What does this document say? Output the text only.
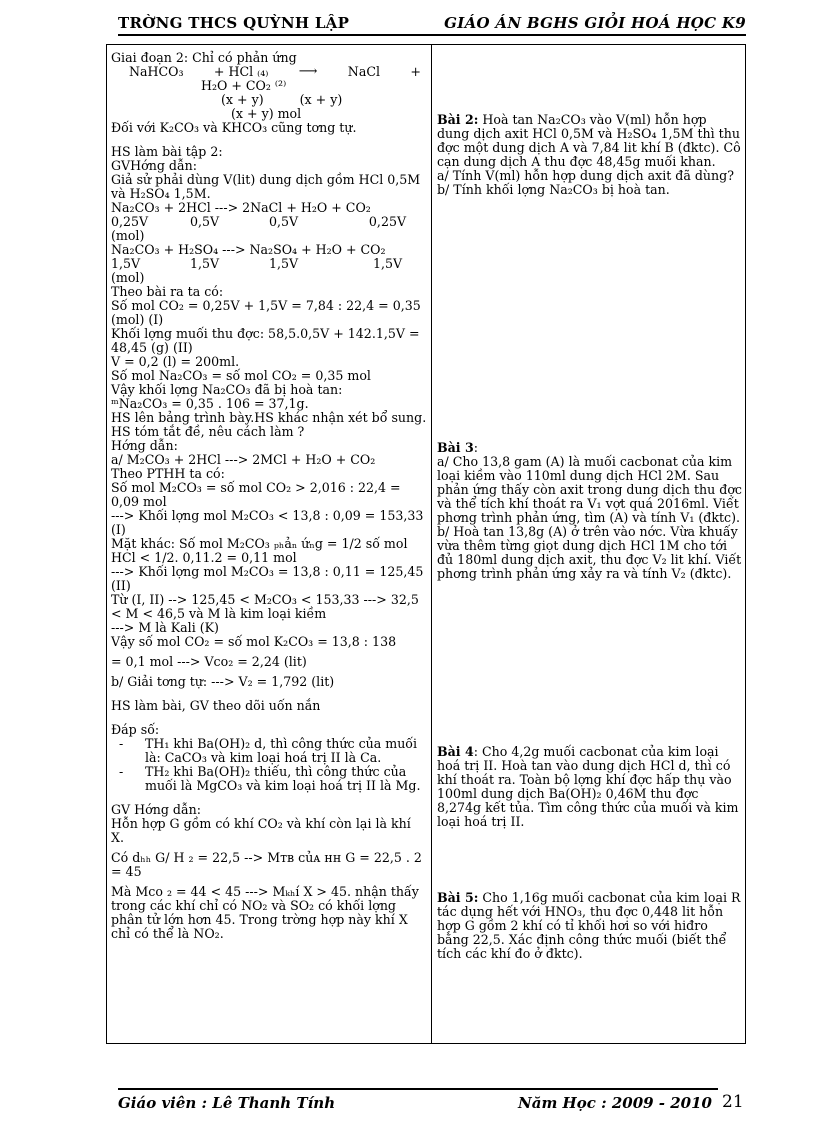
TRỜNG THCS QUỲNH LẬP	GIÁO ÁN BGHS GIỎI HOÁ HỌC K9
Giai đoạn 2: Chỉ có phản ứng
NaHCO₃ + HCl ₍₄₎ ⟶ NaCl +
H₂O + CO₂ ⁽²⁾
(x + y)         (x + y)
(x + y) mol
Đối với K₂CO₃ và KHCO₃ cũng tơng tự.
HS làm bài tập 2:
GVHớng dẫn:
Giả sử phải dùng V(lit) dung dịch gồm HCl 0,5M và H₂SO₄ 1,5M.
Na₂CO₃ + 2HCl ---> 2NaCl + H₂O + CO₂
0,25V	0,5V	0,5V	0,25V
(mol)
Na₂CO₃ + H₂SO₄ ---> Na₂SO₄ + H₂O + CO₂
1,5V	1,5V	1,5V	1,5V
(mol)
Theo bài ra ta có:
Số mol CO₂ = 0,25V + 1,5V = 7,84 : 22,4 = 0,35 (mol) (I)
Khối lợng muối thu đợc: 58,5.0,5V + 142.1,5V = 48,45 (g) (II)
V = 0,2 (l) = 200ml.
Số mol Na₂CO₃ = số mol CO₂ = 0,35 mol
Vậy khối lợng Na₂CO₃ đã bị hoà tan:
ᵐNa₂CO₃ = 0,35 . 106 = 37,1g.
HS lên bảng trình bày.HS khác nhận xét bổ sung.
HS tóm tắt đề, nêu cách làm ?
Hớng dẫn:
a/ M₂CO₃ + 2HCl ---> 2MCl + H₂O + CO₂
Theo PTHH ta có:
Số mol M₂CO₃ = số mol CO₂ > 2,016 : 22,4 = 0,09 mol
---> Khối lợng mol M₂CO₃ < 13,8 : 0,09 = 153,33 (I)
Mặt khác: Số mol M₂CO₃ ₚₕảₙ ứₙg = 1/2 số mol HCl < 1/2. 0,11.2 = 0,11 mol
---> Khối lợng mol M₂CO₃ = 13,8 : 0,11 = 125,45 (II)
Từ (I, II) --> 125,45 < M₂CO₃ < 153,33 ---> 32,5 < M < 46,5 và M là kim loại kiềm
---> M là Kali (K)
Vậy số mol CO₂ = số mol K₂CO₃ = 13,8 : 138
= 0,1 mol ---> Vco₂ = 2,24 (lit)
b/ Giải tơng tự: ---> V₂ = 1,792 (lit)
HS làm bài, GV theo dõi uốn nắn
Đáp số:
-	TH₁ khi Ba(OH)₂ d, thì công thức của muối là: CaCO₃ và kim loại hoá trị II là Ca.
-	TH₂ khi Ba(OH)₂ thiếu, thì công thức của muối là MgCO₃ và kim loại hoá trị II là Mg.
GV Hớng dẫn:
Hỗn hợp G gồm có khí CO₂ và khí còn lại là khí X.
Có dₕₕ G/ H ₂ = 22,5 --> Mᴛʙ ᴄủᴀ ʜʜ G = 22,5 . 2 = 45
Mà Mco ₂ = 44 < 45 ---> Mₖₕí X > 45. nhận thấy trong các khí chỉ có NO₂ và SO₂ có khối lợng phân tử lớn hơn 45. Trong trờng hợp này khí X chỉ có thể là NO₂.
Bài 2: Hoà tan Na₂CO₃ vào V(ml) hỗn hợp dung dịch axit HCl 0,5M và H₂SO₄ 1,5M thì thu đợc một dung dịch A và 7,84 lit khí B (đktc). Cô cạn dung dịch A thu đợc 48,45g muối khan.
a/ Tính V(ml) hỗn hợp dung dịch axit đã dùng?
b/ Tính khối lợng Na₂CO₃ bị hoà tan.
Bài 3:
a/ Cho 13,8 gam (A) là muối cacbonat của kim loại kiềm vào 110ml dung dịch HCl 2M. Sau phản ứng thấy còn axit trong dung dịch thu đợc và thể tích khí thoát ra V₁ vợt quá 2016ml. Viết phơng trình phản ứng, tìm (A) và tính V₁ (đktc).
b/ Hoà tan 13,8g (A) ở trên vào nớc. Vừa khuấy vừa thêm từng giọt dung dịch HCl 1M cho tới đủ 180ml dung dịch axit, thu đợc V₂ lit khí. Viết phơng trình phản ứng xảy ra và tính V₂ (đktc).
Bài 4: Cho 4,2g muối cacbonat của kim loại hoá trị II. Hoà tan vào dung dịch HCl d, thì có khí thoát ra. Toàn bộ lợng khí đợc hấp thụ vào 100ml dung dịch Ba(OH)₂ 0,46M thu đợc 8,274g kết tủa. Tìm công thức của muối và kim loại hoá trị II.
Bài 5: Cho 1,16g muối cacbonat của kim loại R tác dụng hết với HNO₃, thu đợc 0,448 lit hỗn hợp G gồm 2 khí có tỉ khối hơi so với hiđro bằng 22,5. Xác định công thức muối (biết thể tích các khí đo ở đktc).
Giáo viên : Lê Thanh Tính	Năm Học : 2009 - 2010 21
